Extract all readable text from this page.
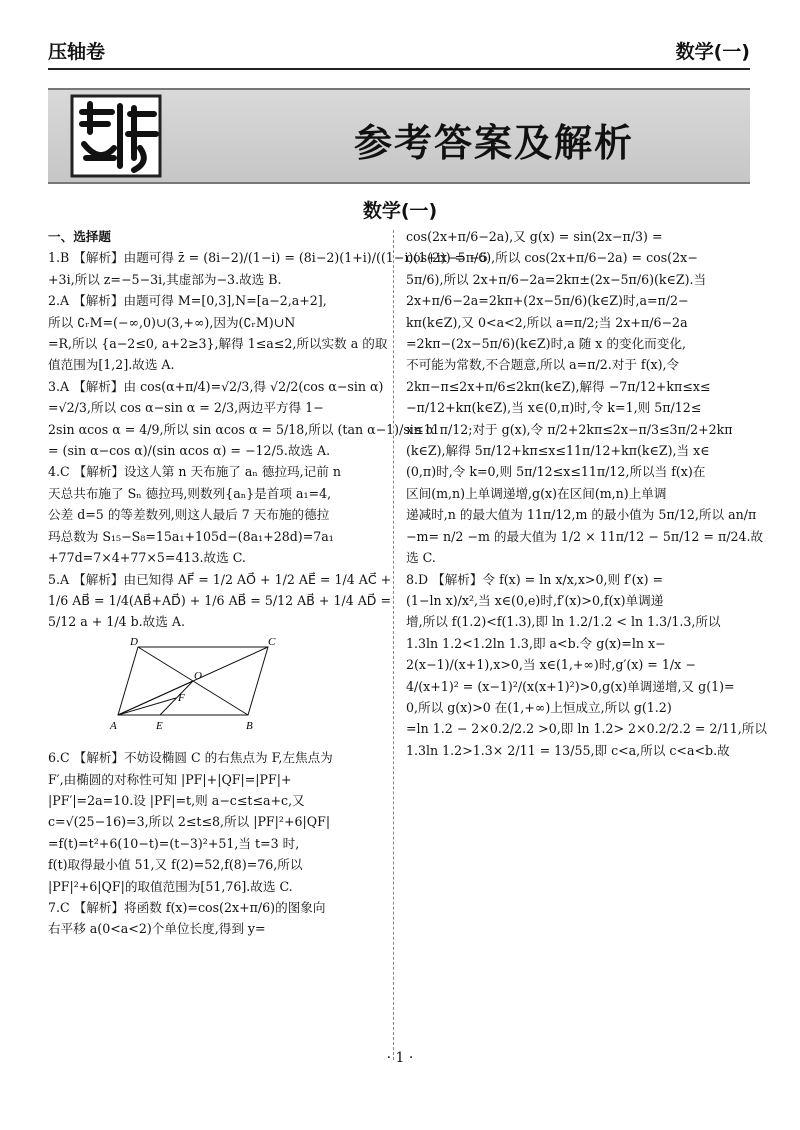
压轴卷	数学(一)
参考答案及解析
数学(一)
一、选择题
1.B 【解析】由题可得 z̄ = (8i−2)/(1−i) = (8i−2)(1+i)/((1−i)(1+i)) = −5
+3i,所以 z=−5−3i,其虚部为−3.故选 B.
2.A 【解析】由题可得 M=[0,3],N=[a−2,a+2],
所以 ∁ᵣM=(−∞,0)∪(3,+∞),因为(∁ᵣM)∪N
=R,所以 {a−2≤0, a+2≥3},解得 1≤a≤2,所以实数 a 的取
值范围为[1,2].故选 A.
3.A 【解析】由 cos(α+π/4)=√2/3,得 √2/2(cos α−sin α)
=√2/3,所以 cos α−sin α = 2/3,两边平方得 1−
2sin αcos α = 4/9,所以 sin αcos α = 5/18,所以 (tan α−1)/sin α
= (sin α−cos α)/(sin αcos α) = −12/5.故选 A.
4.C 【解析】设这人第 n 天布施了 aₙ 德拉玛,记前 n
天总共布施了 Sₙ 德拉玛,则数列{aₙ}是首项 a₁=4,
公差 d=5 的等差数列,则这人最后 7 天布施的德拉
玛总数为 S₁₅−S₈=15a₁+105d−(8a₁+28d)=7a₁
+77d=7×4+77×5=413.故选 C.
5.A 【解析】由已知得 AF⃗ = 1/2 AO⃗ + 1/2 AE⃗ = 1/4 AC⃗ +
1/6 AB⃗ = 1/4(AB⃗+AD⃗) + 1/6 AB⃗ = 5/12 AB⃗ + 1/4 AD⃗ =
5/12 a + 1/4 b.故选 A.
D	C
O
F
A	E	B
6.C 【解析】不妨设椭圆 C 的右焦点为 F,左焦点为
F′,由椭圆的对称性可知 |PF|+|QF|=|PF|+
|PF′|=2a=10.设 |PF|=t,则 a−c≤t≤a+c,又
c=√(25−16)=3,所以 2≤t≤8,所以 |PF|²+6|QF|
=f(t)=t²+6(10−t)=(t−3)²+51,当 t=3 时,
f(t)取得最小值 51,又 f(2)=52,f(8)=76,所以
|PF|²+6|QF|的取值范围为[51,76].故选 C.
7.C 【解析】将函数 f(x)=cos(2x+π/6)的图象向
右平移 a(0<a<2)个单位长度,得到 y=
cos(2x+π/6−2a),又 g(x) = sin(2x−π/3) =
cos(2x−5π/6),所以 cos(2x+π/6−2a) = cos(2x−
5π/6),所以 2x+π/6−2a=2kπ±(2x−5π/6)(k∈Z).当
2x+π/6−2a=2kπ+(2x−5π/6)(k∈Z)时,a=π/2−
kπ(k∈Z),又 0<a<2,所以 a=π/2;当 2x+π/6−2a
=2kπ−(2x−5π/6)(k∈Z)时,a 随 x 的变化而变化,
不可能为常数,不合题意,所以 a=π/2.对于 f(x),令
2kπ−π≤2x+π/6≤2kπ(k∈Z),解得 −7π/12+kπ≤x≤
−π/12+kπ(k∈Z),当 x∈(0,π)时,令 k=1,则 5π/12≤
x≤11π/12;对于 g(x),令 π/2+2kπ≤2x−π/3≤3π/2+2kπ
(k∈Z),解得 5π/12+kπ≤x≤11π/12+kπ(k∈Z),当 x∈
(0,π)时,令 k=0,则 5π/12≤x≤11π/12,所以当 f(x)在
区间(m,n)上单调递增,g(x)在区间(m,n)上单调
递减时,n 的最大值为 11π/12,m 的最小值为 5π/12,所以 an/π
−m= n/2 −m 的最大值为 1/2 × 11π/12 − 5π/12 = π/24.故
选 C.
8.D 【解析】令 f(x) = ln x/x,x>0,则 f′(x) =
(1−ln x)/x²,当 x∈(0,e)时,f′(x)>0,f(x)单调递
增,所以 f(1.2)<f(1.3),即 ln 1.2/1.2 < ln 1.3/1.3,所以
1.3ln 1.2<1.2ln 1.3,即 a<b.令 g(x)=ln x−
2(x−1)/(x+1),x>0,当 x∈(1,+∞)时,g′(x) = 1/x −
4/(x+1)² = (x−1)²/(x(x+1)²)>0,g(x)单调递增,又 g(1)=
0,所以 g(x)>0 在(1,+∞)上恒成立,所以 g(1.2)
=ln 1.2 − 2×0.2/2.2 >0,即 ln 1.2> 2×0.2/2.2 = 2/11,所以
1.3ln 1.2>1.3× 2/11 = 13/55,即 c<a,所以 c<a<b.故
· 1 ·
